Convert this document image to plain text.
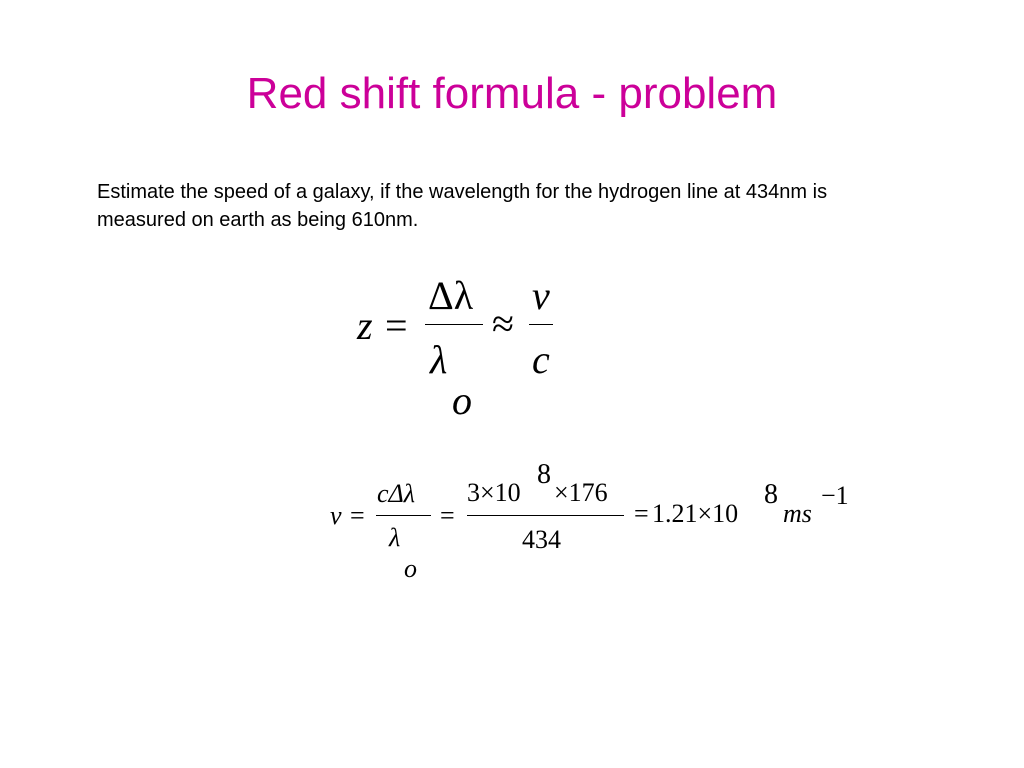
Red shift formula - problem
Estimate the speed of a galaxy, if the wavelength for the hydrogen line at 434nm is measured on earth as being 610nm.
z =
Δλ
λ
o
≈
v
c
v =
cΔλ
λ
o
=
3×10
8
×176
434
= 1.21×10
8
ms
−1
